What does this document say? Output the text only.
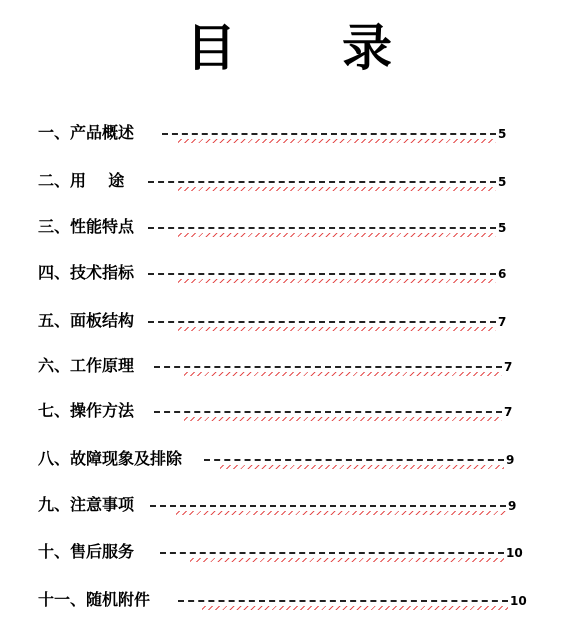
目 录
一、产品概述	5
二、用    途	5
三、性能特点	5
四、技术指标	6
五、面板结构	7
六、工作原理	7
七、操作方法	7
八、故障现象及排除	9
九、注意事项	9
十、售后服务	10
十一、随机附件	10
